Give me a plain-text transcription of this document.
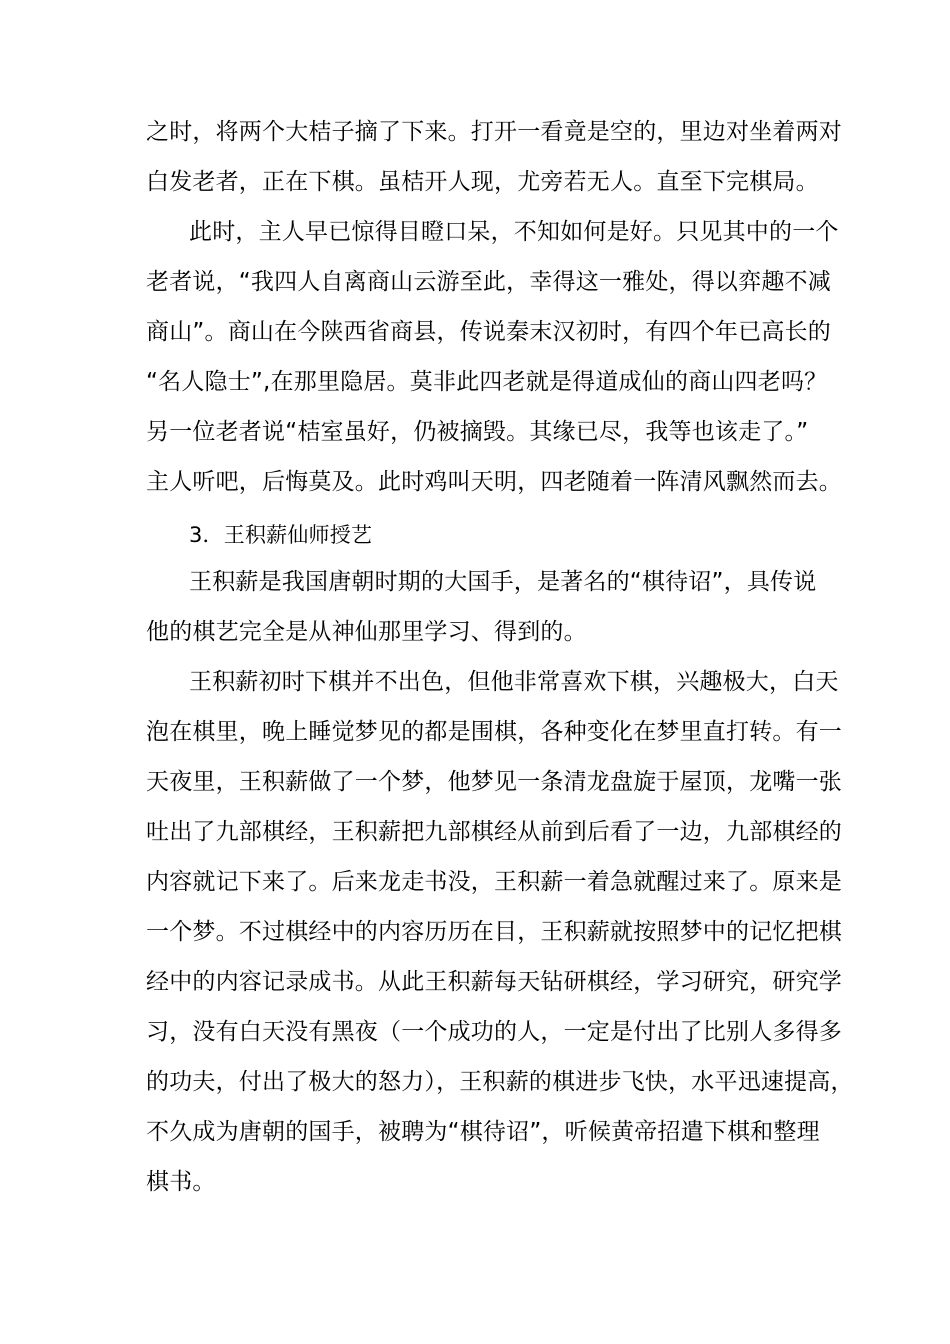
之时，将两个大桔子摘了下来。打开一看竟是空的，里边对坐着两对
白发老者，正在下棋。虽桔开人现，尤旁若无人。直至下完棋局。
此时，主人早已惊得目瞪口呆，不知如何是好。只见其中的一个
老者说，“我四人自离商山云游至此，幸得这一雅处，得以弈趣不减
商山”。商山在今陕西省商县，传说秦末汉初时，有四个年已高长的
“名人隐士”,在那里隐居。莫非此四老就是得道成仙的商山四老吗？
另一位老者说“桔室虽好，仍被摘毁。其缘已尽，我等也该走了。”
主人听吧，后悔莫及。此时鸡叫天明，四老随着一阵清风飘然而去。
3．王积薪仙师授艺
王积薪是我国唐朝时期的大国手，是著名的“棋待诏”，具传说
他的棋艺完全是从神仙那里学习、得到的。
王积薪初时下棋并不出色，但他非常喜欢下棋，兴趣极大，白天
泡在棋里，晚上睡觉梦见的都是围棋，各种变化在梦里直打转。有一
天夜里，王积薪做了一个梦，他梦见一条清龙盘旋于屋顶，龙嘴一张
吐出了九部棋经，王积薪把九部棋经从前到后看了一边，九部棋经的
内容就记下来了。后来龙走书没，王积薪一着急就醒过来了。原来是
一个梦。不过棋经中的内容历历在目，王积薪就按照梦中的记忆把棋
经中的内容记录成书。从此王积薪每天钻研棋经，学习研究，研究学
习，没有白天没有黑夜（一个成功的人，一定是付出了比别人多得多
的功夫，付出了极大的怒力），王积薪的棋进步飞快，水平迅速提高，
不久成为唐朝的国手，被聘为“棋待诏”，听候黄帝招遣下棋和整理
棋书。
